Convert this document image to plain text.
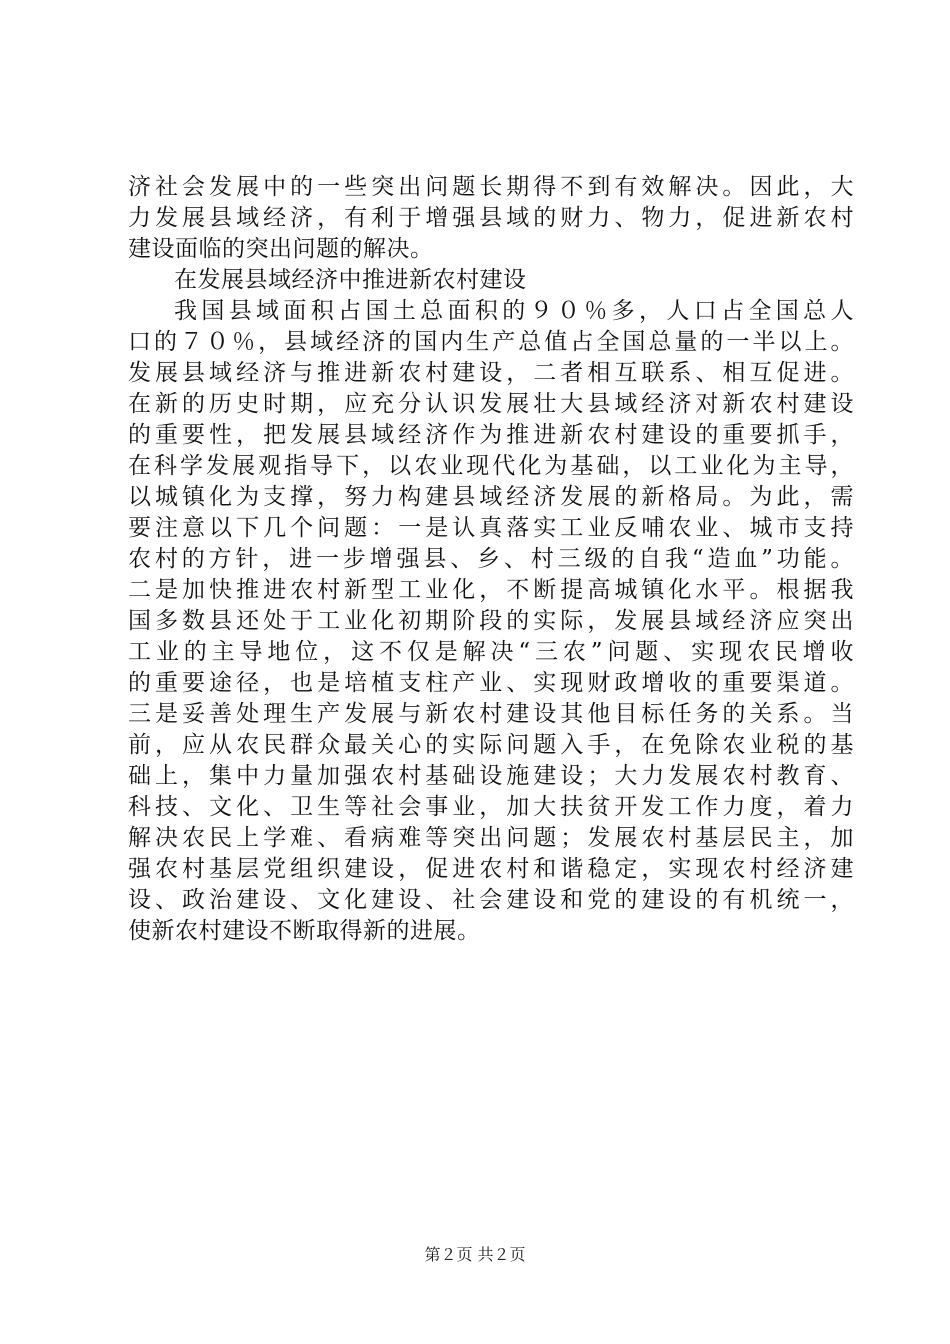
济社会发展中的一些突出问题长期得不到有效解决。因此，大
力发展县域经济，有利于增强县域的财力、物力，促进新农村
建设面临的突出问题的解决。
在发展县域经济中推进新农村建设
我国县域面积占国土总面积的９０％多，人口占全国总人
口的７０％，县域经济的国内生产总值占全国总量的一半以上。
发展县域经济与推进新农村建设，二者相互联系、相互促进。
在新的历史时期，应充分认识发展壮大县域经济对新农村建设
的重要性，把发展县域经济作为推进新农村建设的重要抓手，
在科学发展观指导下，以农业现代化为基础，以工业化为主导，
以城镇化为支撑，努力构建县域经济发展的新格局。为此，需
要注意以下几个问题：一是认真落实工业反哺农业、城市支持
农村的方针，进一步增强县、乡、村三级的自我“造血”功能。
二是加快推进农村新型工业化，不断提高城镇化水平。根据我
国多数县还处于工业化初期阶段的实际，发展县域经济应突出
工业的主导地位，这不仅是解决“三农”问题、实现农民增收
的重要途径，也是培植支柱产业、实现财政增收的重要渠道。
三是妥善处理生产发展与新农村建设其他目标任务的关系。当
前，应从农民群众最关心的实际问题入手，在免除农业税的基
础上，集中力量加强农村基础设施建设；大力发展农村教育、
科技、文化、卫生等社会事业，加大扶贫开发工作力度，着力
解决农民上学难、看病难等突出问题；发展农村基层民主，加
强农村基层党组织建设，促进农村和谐稳定，实现农村经济建
设、政治建设、文化建设、社会建设和党的建设的有机统一，
使新农村建设不断取得新的进展。
第２页 共２页
